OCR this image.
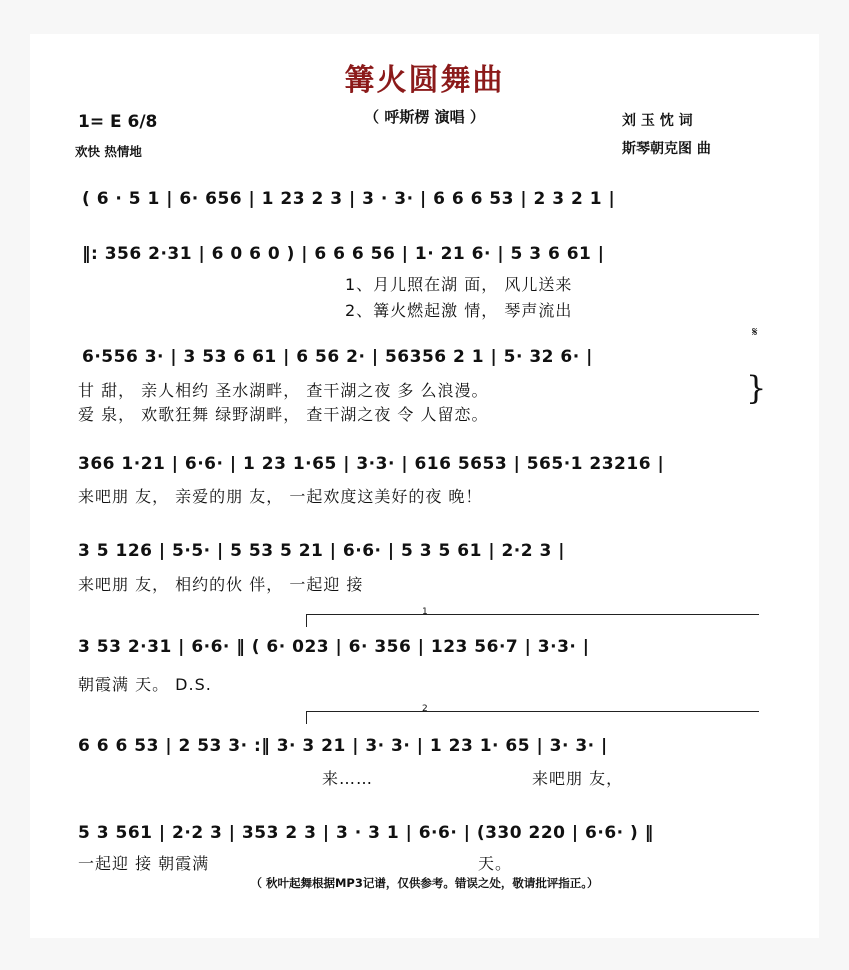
篝火圆舞曲
（ 呼斯楞 演唱 ）
1= E 6/8
欢快 热情地
刘 玉 忱 词
斯琴朝克图 曲
( 6 · 5 1 | 6· 656 | 1 23 2 3 | 3 · 3· | 6 6 6 53 | 2 3 2 1 |
‖: 356 2·31 | 6 0 6 0 ) | 6 6 6 56 | 1· 21 6· | 5 3 6 61 |
1、月儿照在湖 面， 风儿送来
2、篝火燃起激 情， 琴声流出
𝄋
6·556 3· | 3 53 6 61 | 6 56 2· | 56356 2 1 | 5· 32 6· |
甘 甜， 亲人相约 圣水湖畔， 查干湖之夜 多 么浪漫。
爱 泉， 欢歌狂舞 绿野湖畔， 查干湖之夜 令 人留恋。
}
366 1·21 | 6·6· | 1 23 1·65 | 3·3· | 616 5653 | 565·1 23216 |
来吧朋 友， 亲爱的朋 友， 一起欢度这美好的夜 晚！
3 5 126 | 5·5· | 5 53 5 21 | 6·6· | 5 3 5 61 | 2·2 3 |
来吧朋 友， 相约的伙 伴， 一起迎 接
1
3 53 2·31 | 6·6· ‖ ( 6· 023 | 6· 356 | 123 56·7 | 3·3· |
朝霞满 天。 D.S.
2
6 6 6 53 | 2 53 3· :‖ 3· 3 21 | 3· 3· | 1 23 1· 65 | 3· 3· |
来……	来吧朋 友，
5 3 561 | 2·2 3 | 353 2 3 | 3 · 3 1 | 6·6· | (330 220 | 6·6· ) ‖
一起迎 接 朝霞满	天。
（ 秋叶起舞根据MP3记谱，仅供参考。错误之处，敬请批评指正。）
